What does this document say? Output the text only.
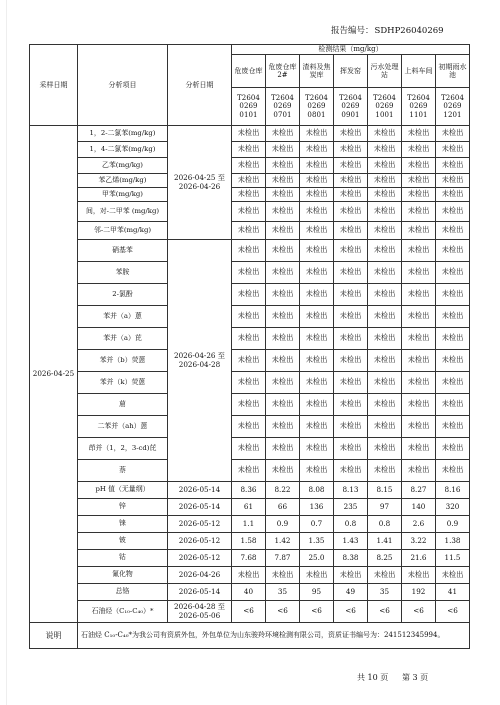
报告编号：SDHP26040269
采样日期	分析项目	分析日期	检测结果（mg/kg）						
			危废仓库	危废仓库 2#	渣料及焦炭库	挥发窑	污水处理站	上料车间	初期雨水池
			T2604 0269 0101	T2604 0269 0701	T2604 0269 0801	T2604 0269 0901	T2604 0269 1001	T2604 0269 1101	T2604 0269 1201
2026-04-25	1，2-二氯苯(mg/kg)	2026-04-25 至 2026-04-26	未检出	未检出	未检出	未检出	未检出	未检出	未检出
	1，4-二氯苯(mg/kg)		未检出	未检出	未检出	未检出	未检出	未检出	未检出
	乙苯(mg/kg)		未检出	未检出	未检出	未检出	未检出	未检出	未检出
	苯乙烯(mg/kg)		未检出	未检出	未检出	未检出	未检出	未检出	未检出
	甲苯(mg/kg)		未检出	未检出	未检出	未检出	未检出	未检出	未检出
	间，对-二甲苯 (mg/kg)		未检出	未检出	未检出	未检出	未检出	未检出	未检出
	邻-二甲苯(mg/kg)		未检出	未检出	未检出	未检出	未检出	未检出	未检出
	硝基苯	2026-04-26 至 2026-04-28	未检出	未检出	未检出	未检出	未检出	未检出	未检出
	苯胺		未检出	未检出	未检出	未检出	未检出	未检出	未检出
	2-氯酚		未检出	未检出	未检出	未检出	未检出	未检出	未检出
	苯并（a）蒽		未检出	未检出	未检出	未检出	未检出	未检出	未检出
	苯并（a）芘		未检出	未检出	未检出	未检出	未检出	未检出	未检出
	苯并（b）荧蒽		未检出	未检出	未检出	未检出	未检出	未检出	未检出
	苯并（k）荧蒽		未检出	未检出	未检出	未检出	未检出	未检出	未检出
	䓛		未检出	未检出	未检出	未检出	未检出	未检出	未检出
	二苯并（ah）蒽		未检出	未检出	未检出	未检出	未检出	未检出	未检出
	茚并（1，2，3-cd)芘		未检出	未检出	未检出	未检出	未检出	未检出	未检出
	萘		未检出	未检出	未检出	未检出	未检出	未检出	未检出
	pH 值（无量纲）	2026-05-14	8.36	8.22	8.08	8.13	8.15	8.27	8.16
	锌	2026-05-14	61	66	136	235	97	140	320
	铼	2026-05-12	1.1	0.9	0.7	0.8	0.8	2.6	0.9
	铍	2026-05-12	1.58	1.42	1.35	1.43	1.41	3.22	1.38
	钴	2026-05-12	7.68	7.87	25.0	8.38	8.25	21.6	11.5
	氰化物	2026-04-26	未检出	未检出	未检出	未检出	未检出	未检出	未检出
	总铬	2026-05-14	40	35	95	49	35	192	41
	石油烃（C₁₀-C₄₀）*	2026-04-28 至 2026-05-06	<6	<6	<6	<6	<6	<6	<6
说明	石油烃 C₁₀-C₄₀*为我公司有资质外包，外包单位为山东骏羚环境检测有限公司，资质证书编号为：241512345994。								
共 10 页 第 3 页
